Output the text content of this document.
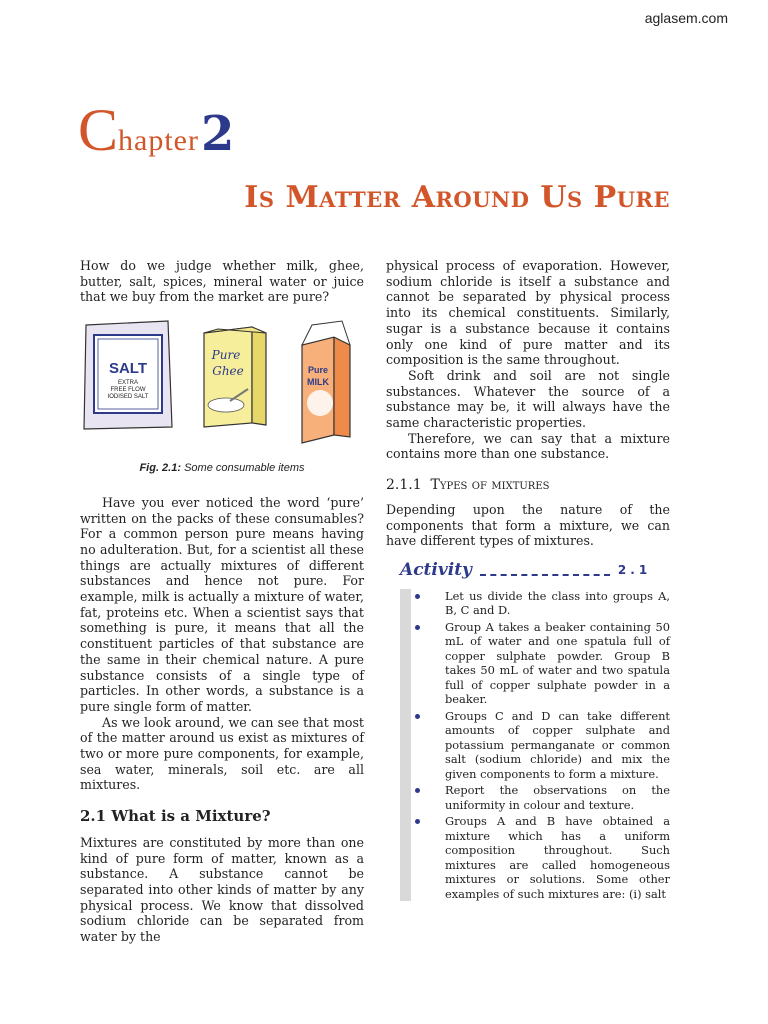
aglasem.com
C hapter 2
Is Matter Around Us Pure

How do we judge whether milk, ghee, butter, salt, spices, mineral water or juice that we buy from the market are pure?

SALT
EXTRA
FREE FLOW
IODISED SALT
Pure
Ghee	Pure
MILK
Fig. 2.1: Some consumable items

Have you ever noticed the word ‘pure’ written on the packs of these consumables? For a common person pure means having no adulteration. But, for a scientist all these things are actually mixtures of different substances and hence not pure. For example, milk is actually a mixture of water, fat, proteins etc. When a scientist says that something is pure, it means that all the constituent particles of that substance are the same in their chemical nature. A pure substance consists of a single type of particles. In other words, a substance is a pure single form of matter.

As we look around, we can see that most of the matter around us exist as mixtures of two or more pure components, for example, sea water, minerals, soil etc. are all mixtures.

2.1 What is a Mixture?

Mixtures are constituted by more than one kind of pure form of matter, known as a substance. A substance cannot be separated into other kinds of matter by any physical process. We know that dissolved sodium chloride can be separated from water by the

physical process of evaporation. However, sodium chloride is itself a substance and cannot be separated by physical process into its chemical constituents. Similarly, sugar is a substance because it contains only one kind of pure matter and its composition is the same throughout.

Soft drink and soil are not single substances. Whatever the source of a substance may be, it will always have the same characteristic properties.

Therefore, we can say that a mixture contains more than one substance.

2.1.1 Types of mixtures

Depending upon the nature of the components that form a mixture, we can have different types of mixtures.

Activity	2.1
Let us divide the class into groups A, B, C and D.
Group A takes a beaker containing 50 mL of water and one spatula full of copper sulphate powder. Group B takes 50 mL of water and two spatula full of copper sulphate powder in a beaker.
Groups C and D can take different amounts of copper sulphate and potassium permanganate or common salt (sodium chloride) and mix the given components to form a mixture.
Report the observations on the uniformity in colour and texture.
Groups A and B have obtained a mixture which has a uniform composition throughout. Such mixtures are called homogeneous mixtures or solutions. Some other examples of such mixtures are: (i) salt
